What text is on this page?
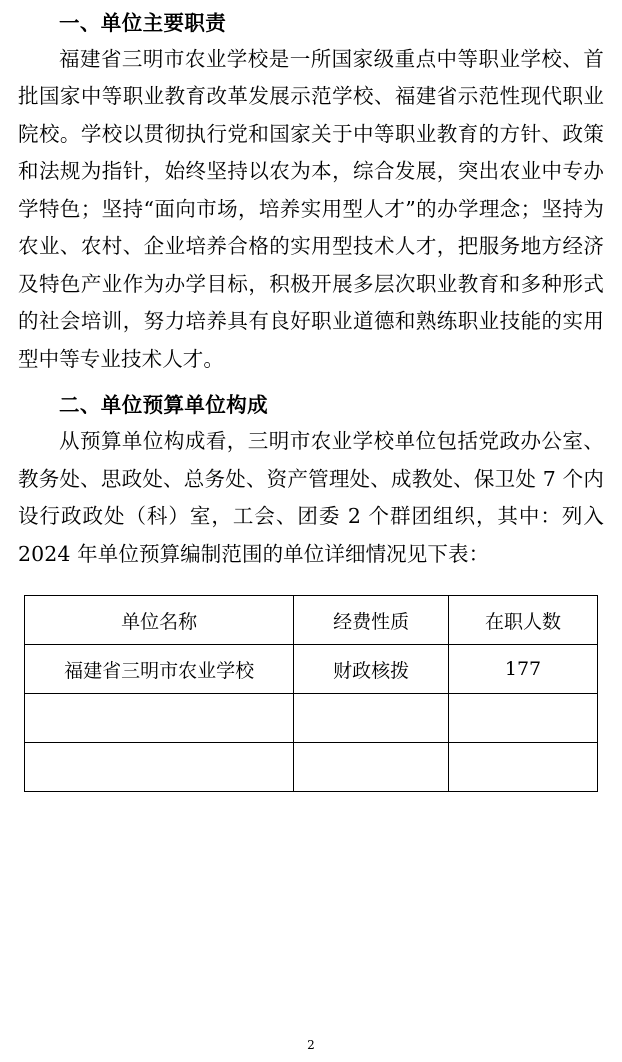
一、单位主要职责

福建省三明市农业学校是一所国家级重点中等职业学校、首批国家中等职业教育改革发展示范学校、福建省示范性现代职业院校。学校以贯彻执行党和国家关于中等职业教育的方针、政策和法规为指针，始终坚持以农为本，综合发展，突出农业中专办学特色；坚持“面向市场，培养实用型人才”的办学理念；坚持为农业、农村、企业培养合格的实用型技术人才，把服务地方经济及特色产业作为办学目标，积极开展多层次职业教育和多种形式的社会培训，努力培养具有良好职业道德和熟练职业技能的实用型中等专业技术人才。

二、单位预算单位构成

从预算单位构成看，三明市农业学校单位包括党政办公室、教务处、思政处、总务处、资产管理处、成教处、保卫处 7 个内设行政政处（科）室，工会、团委 2 个群团组织，其中：列入 2024 年单位预算编制范围的单位详细情况见下表：

单位名称	经费性质	在职人数
福建省三明市农业学校	财政核拨	177

2
